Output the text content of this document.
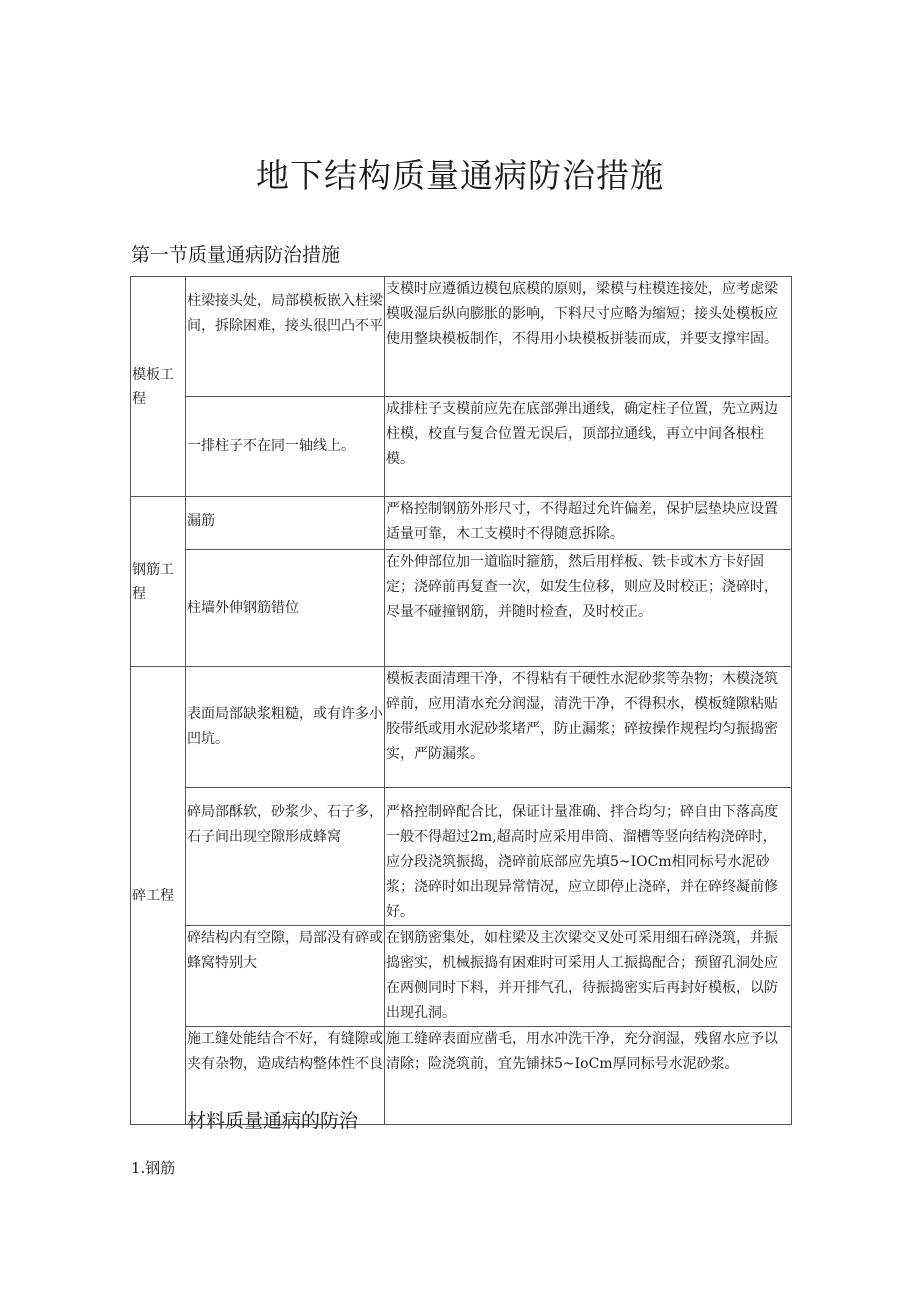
地下结构质量通病防治措施
第一节质量通病防治措施
模板工程	柱梁接头处，局部模板嵌入柱梁间，拆除困难，接头很凹凸不平	支模时应遵循边模包底模的原则，梁模与柱模连接处，应考虑梁模吸湿后纵向膨胀的影响，下料尺寸应略为缩短；接头处模板应使用整块模板制作，不得用小块模板拼装而成，并要支撑牢固。
	一排柱子不在同一轴线上。	成排柱子支模前应先在底部弹出通线，确定柱子位置，先立两边柱模，校直与复合位置无误后，顶部拉通线，再立中间各根柱模。
钢筋工程	漏筋	严格控制钢筋外形尺寸，不得超过允许偏差，保护层垫块应设置适量可靠，木工支模时不得随意拆除。
	柱墙外伸钢筋错位	在外伸部位加一道临时箍筋，然后用样板、铁卡或木方卡好固定；浇碎前再复查一次，如发生位移，则应及时校正；浇碎时，尽量不碰撞钢筋，并随时检查，及时校正。
碎工程	表面局部缺浆粗糙，或有许多小凹坑。	模板表面清理干净，不得粘有干硬性水泥砂浆等杂物；木模浇筑碎前，应用清水充分润湿，清洗干净，不得积水，模板缝隙粘贴胶带纸或用水泥砂浆堵严，防止漏浆；碎按操作规程均匀振捣密实，严防漏浆。
	碎局部酥软，砂浆少、石子多，石子间出现空隙形成蜂窝	严格控制碎配合比，保证计量准确、拌合均匀；碎自由下落高度一般不得超过2m,超高时应采用串筒、溜槽等竖向结构浇碎时，应分段浇筑振捣，浇碎前底部应先填5~IOCm相同标号水泥砂浆；浇碎时如出现异常情况，应立即停止浇碎，并在碎终凝前修好。
	碎结构内有空隙，局部没有碎或蜂窝特别大	在钢筋密集处，如柱梁及主次梁交叉处可采用细石碎浇筑，并振捣密实，机械振捣有困难时可采用人工振捣配合；预留孔洞处应在两侧同时下料，并开排气孔，待振捣密实后再封好模板，以防出现孔洞。
	施工缝处能结合不好，有缝隙或夹有杂物，造成结构整体性不良	施工缝碎表面应凿毛，用水冲洗干净，充分润湿，残留水应予以清除；险浇筑前，宜先铺抹5~IoCm厚同标号水泥砂浆。
材料质量通病的防治
1.钢筋
